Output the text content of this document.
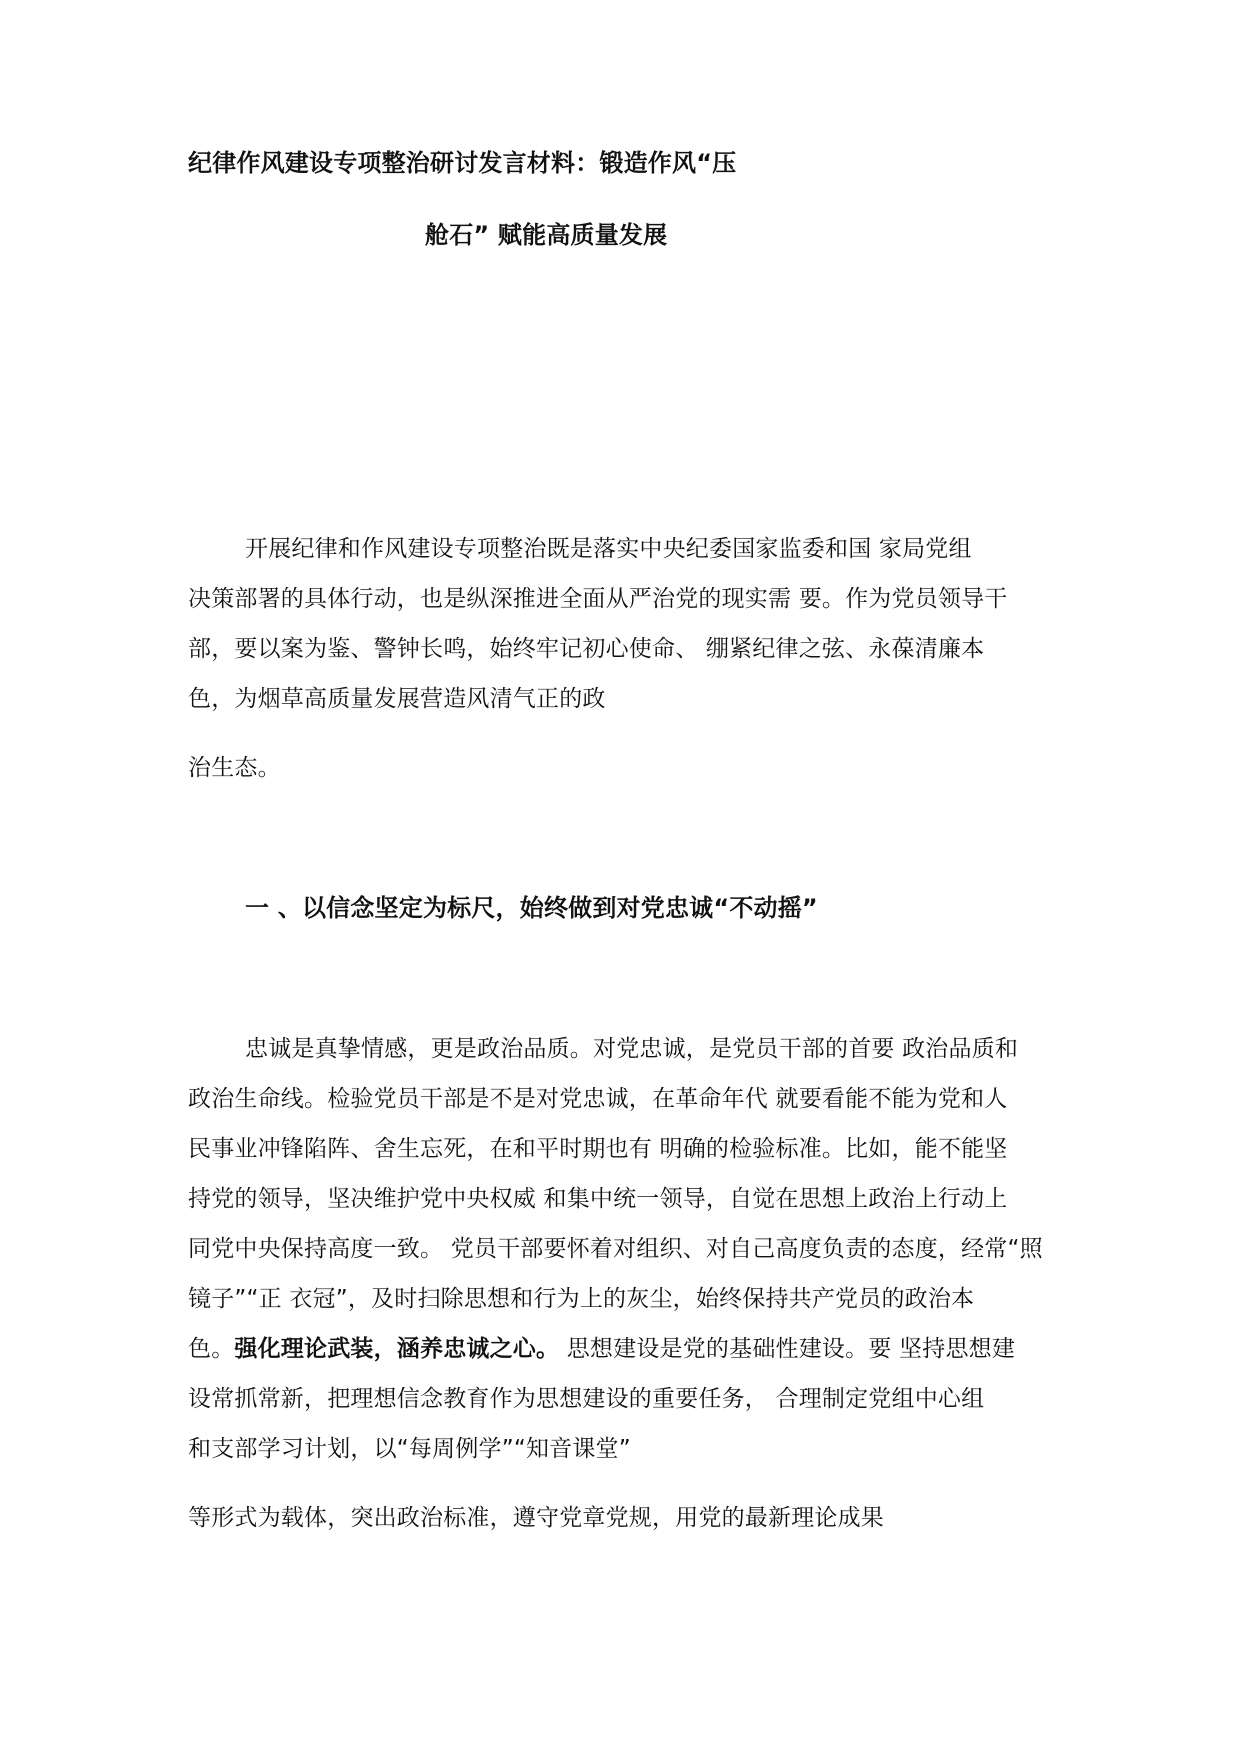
纪律作风建设专项整治研讨发言材料：锻造作风“压
舱石” 赋能高质量发展
开展纪律和作风建设专项整治既是落实中央纪委国家监委和国 家局党组
决策部署的具体行动，也是纵深推进全面从严治党的现实需 要。作为党员领导干
部，要以案为鉴、警钟长鸣，始终牢记初心使命、 绷紧纪律之弦、永葆清廉本
色，为烟草高质量发展营造风清气正的政
治生态。
一 、以信念坚定为标尺，始终做到对党忠诚“不动摇”
忠诚是真挚情感，更是政治品质。对党忠诚，是党员干部的首要 政治品质和
政治生命线。检验党员干部是不是对党忠诚，在革命年代 就要看能不能为党和人
民事业冲锋陷阵、舍生忘死，在和平时期也有 明确的检验标准。比如，能不能坚
持党的领导，坚决维护党中央权威 和集中统一领导，自觉在思想上政治上行动上
同党中央保持高度一致。 党员干部要怀着对组织、对自己高度负责的态度，经常“照
镜子”“正 衣冠”，及时扫除思想和行为上的灰尘，始终保持共产党员的政治本
色。强化理论武装，涵养忠诚之心。 思想建设是党的基础性建设。要 坚持思想建
设常抓常新，把理想信念教育作为思想建设的重要任务， 合理制定党组中心组
和支部学习计划，以“每周例学”“知音课堂”
等形式为载体，突出政治标准，遵守党章党规，用党的最新理论成果
